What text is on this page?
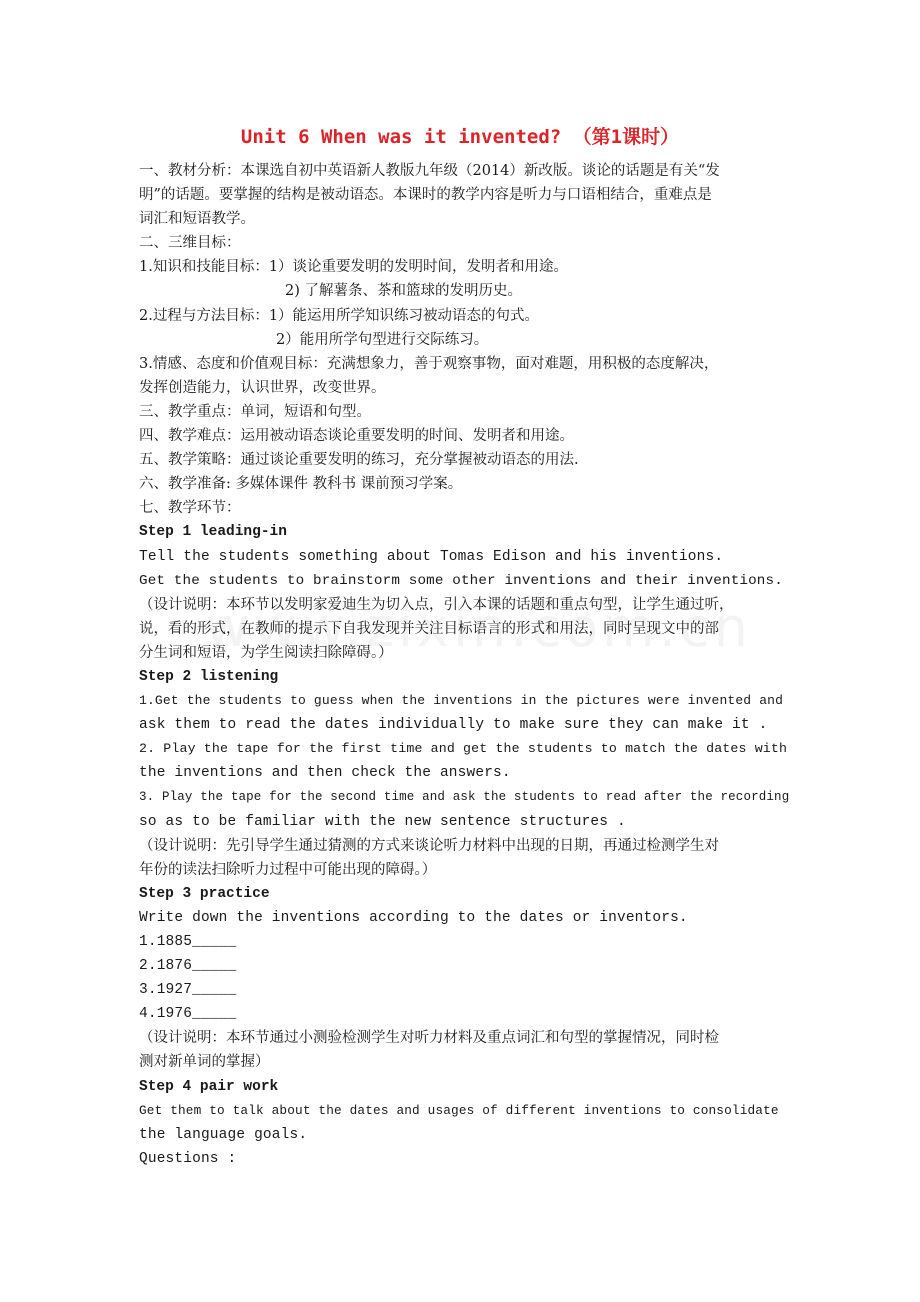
Unit 6 When was it invented? （第1课时）
一、教材分析：本课选自初中英语新人教版九年级（2014）新改版。谈论的话题是有关“发
明”的话题。要掌握的结构是被动语态。本课时的教学内容是听力与口语相结合，重难点是
词汇和短语教学。
二、三维目标：
1.知识和技能目标：1）谈论重要发明的发明时间，发明者和用途。
2) 了解薯条、茶和篮球的发明历史。
2.过程与方法目标：1）能运用所学知识练习被动语态的句式。
2）能用所学句型进行交际练习。
3.情感、态度和价值观目标：充满想象力，善于观察事物，面对难题，用积极的态度解决，
发挥创造能力，认识世界，改变世界。
三、教学重点：单词，短语和句型。
四、教学难点：运用被动语态谈论重要发明的时间、发明者和用途。
五、教学策略：通过谈论重要发明的练习，充分掌握被动语态的用法.
六、教学准备: 多媒体课件 教科书 课前预习学案。
七、教学环节：
Step 1 leading-in
Tell the students something about Tomas Edison and his inventions.
Get the students to brainstorm some other inventions and their inventions.
（设计说明：本环节以发明家爱迪生为切入点，引入本课的话题和重点句型，让学生通过听，
说，看的形式，在教师的提示下自我发现并关注目标语言的形式和用法，同时呈现文中的部
分生词和短语，为学生阅读扫除障碍。）
Step 2 listening
1.Get the students to guess when the inventions in the pictures were invented and
ask them to read the dates individually to make sure they can make it .
2. Play the tape for the first time and get the students to match the dates with
the inventions and then check the answers.
3. Play the tape for the second time and ask the students to read after the recording
so as to be familiar with the new sentence structures .
（设计说明：先引导学生通过猜测的方式来谈论听力材料中出现的日期，再通过检测学生对
年份的读法扫除听力过程中可能出现的障碍。）
Step 3 practice
Write down the inventions according to the dates or inventors.
1.1885_____
2.1876_____
3.1927_____
4.1976_____
（设计说明：本环节通过小测验检测学生对听力材料及重点词汇和句型的掌握情况，同时检
测对新单词的掌握）
Step 4 pair work
Get them to talk about the dates and usages of different inventions to consolidate
the language goals.
Questions :
